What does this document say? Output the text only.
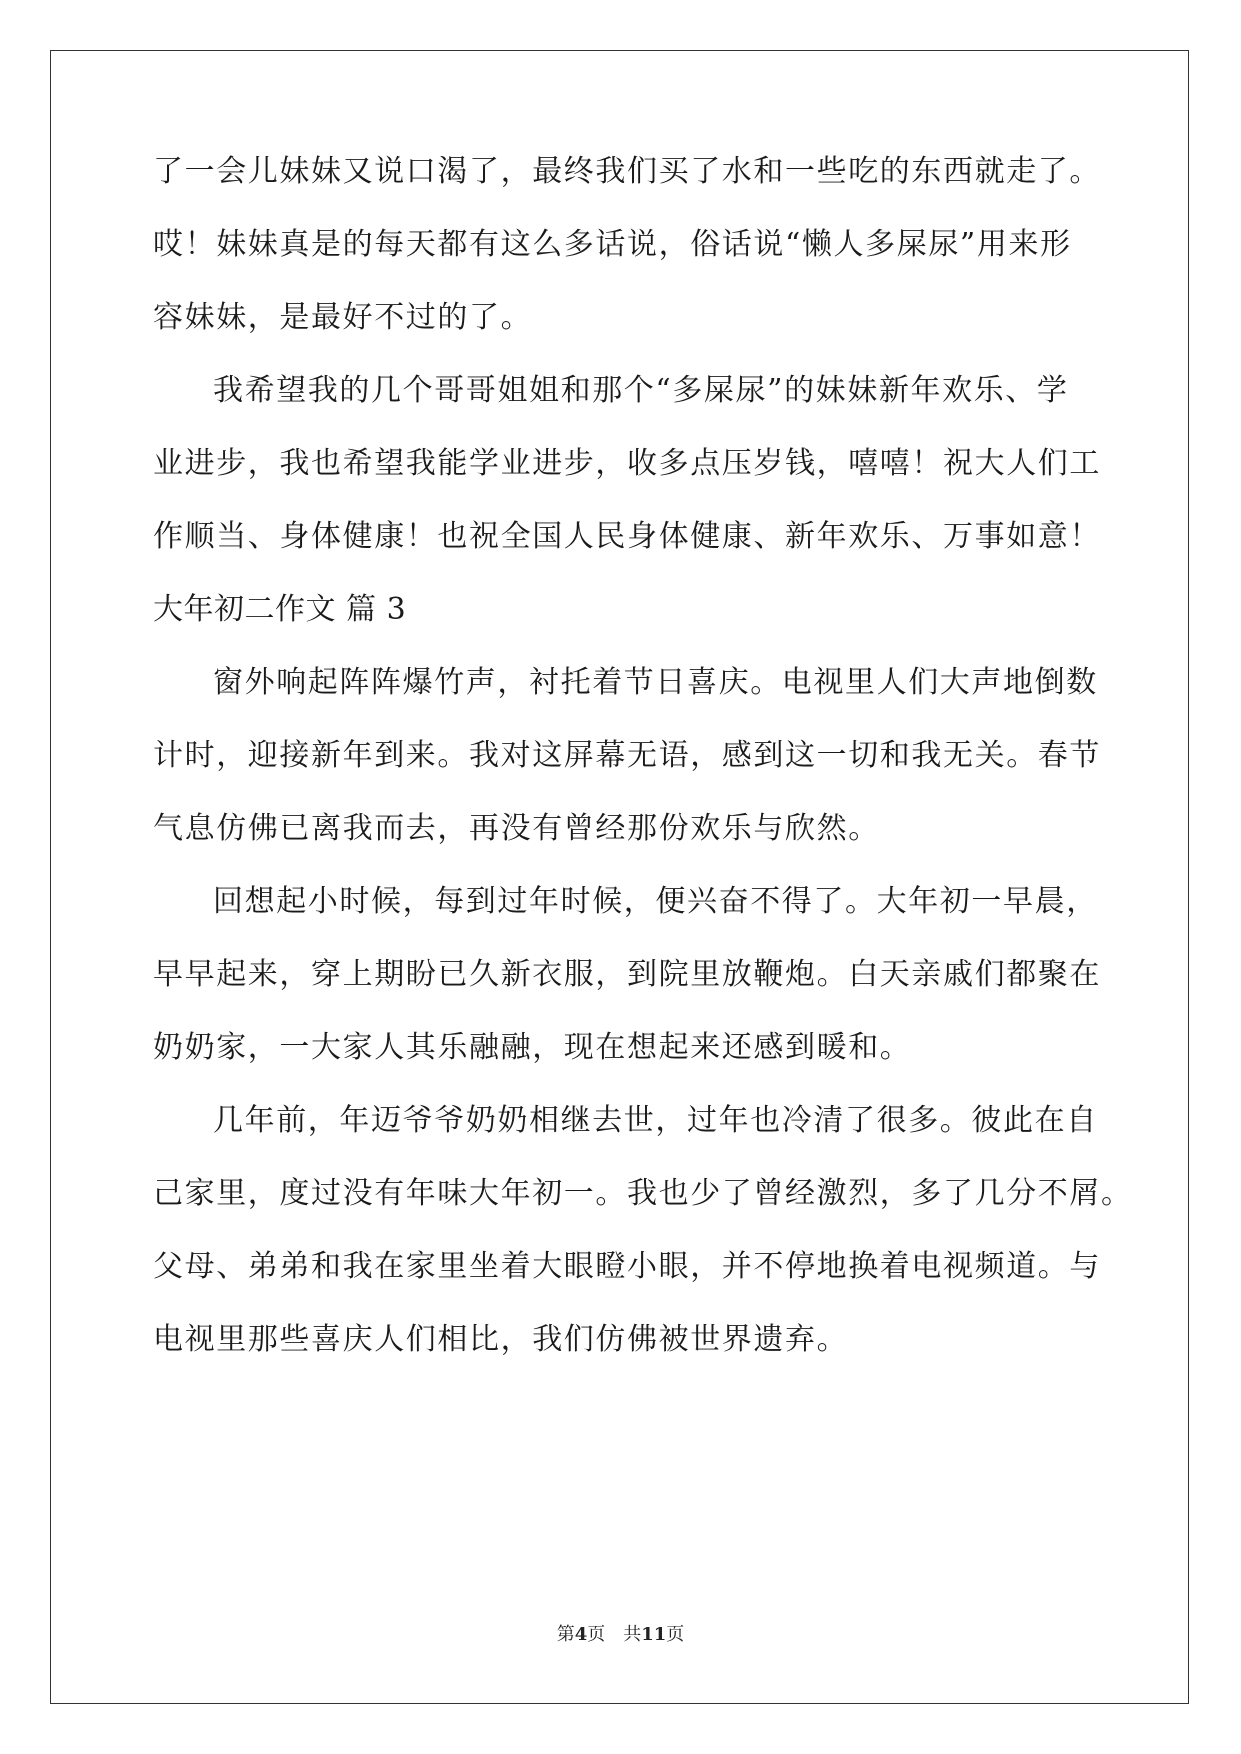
了一会儿妹妹又说口渴了，最终我们买了水和一些吃的东西就走了。
哎！妹妹真是的每天都有这么多话说，俗话说“懒人多屎尿”用来形
容妹妹，是最好不过的了。
我希望我的几个哥哥姐姐和那个“多屎尿”的妹妹新年欢乐、学
业进步，我也希望我能学业进步，收多点压岁钱，嘻嘻！祝大人们工
作顺当、身体健康！也祝全国人民身体健康、新年欢乐、万事如意！
大年初二作文 篇 3
窗外响起阵阵爆竹声，衬托着节日喜庆。电视里人们大声地倒数
计时，迎接新年到来。我对这屏幕无语，感到这一切和我无关。春节
气息仿佛已离我而去，再没有曾经那份欢乐与欣然。
回想起小时候，每到过年时候，便兴奋不得了。大年初一早晨，
早早起来，穿上期盼已久新衣服，到院里放鞭炮。白天亲戚们都聚在
奶奶家，一大家人其乐融融，现在想起来还感到暖和。
几年前，年迈爷爷奶奶相继去世，过年也冷清了很多。彼此在自
己家里，度过没有年味大年初一。我也少了曾经激烈，多了几分不屑。
父母、弟弟和我在家里坐着大眼瞪小眼，并不停地换着电视频道。与
电视里那些喜庆人们相比，我们仿佛被世界遗弃。
第4页 共11页
